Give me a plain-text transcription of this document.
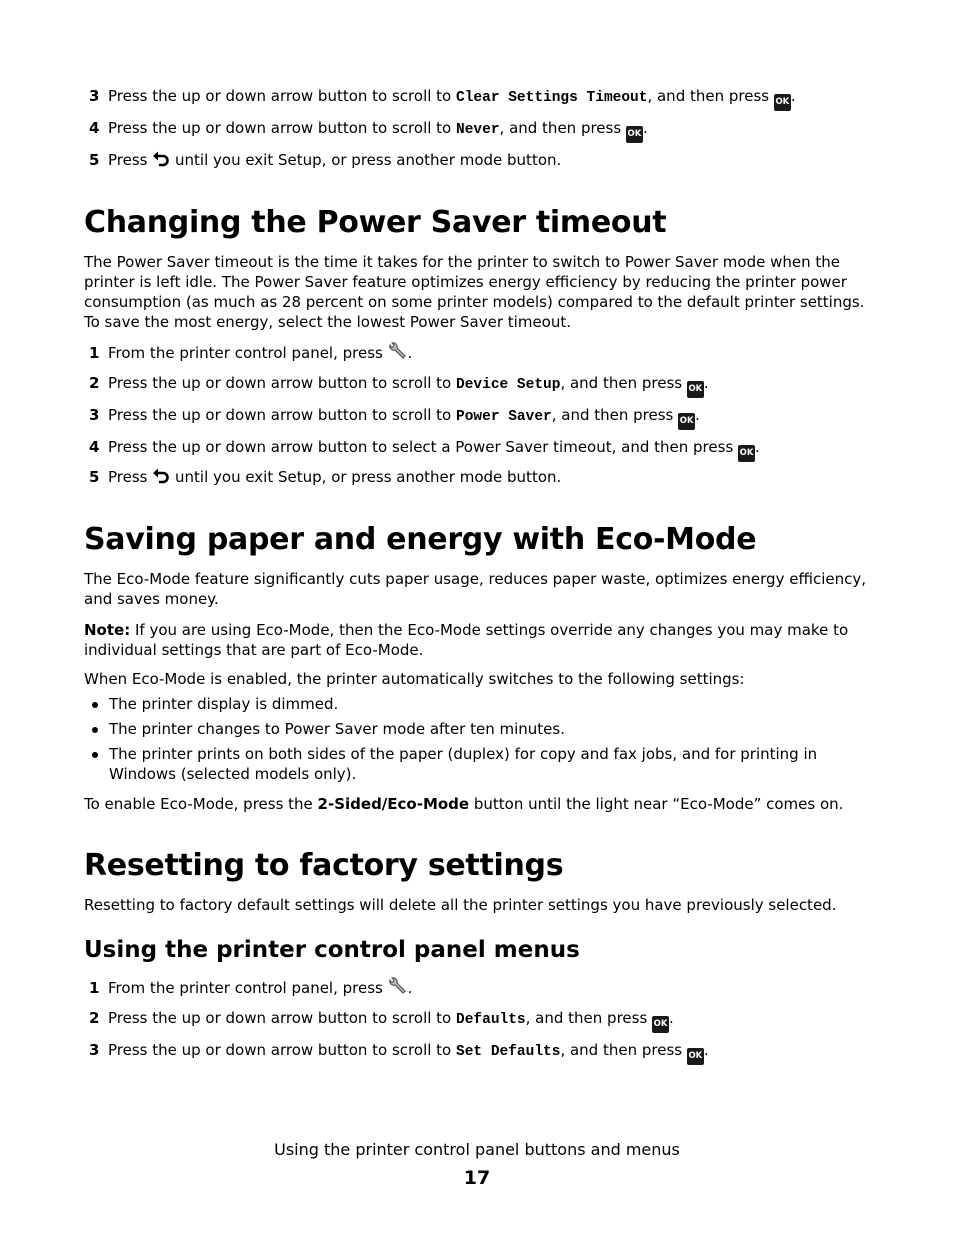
3 Press the up or down arrow button to scroll to Clear Settings Timeout, and then press OK .
4 Press the up or down arrow button to scroll to Never, and then press OK .
5 Press  until you exit Setup, or press another mode button.
Changing the Power Saver timeout

The Power Saver timeout is the time it takes for the printer to switch to Power Saver mode when the printer is left idle. The Power Saver feature optimizes energy efficiency by reducing the printer power consumption (as much as 28 percent on some printer models) compared to the default printer settings. To save the most energy, select the lowest Power Saver timeout.

1 From the printer control panel, press .
2 Press the up or down arrow button to scroll to Device Setup, and then press OK .
3 Press the up or down arrow button to scroll to Power Saver, and then press OK .
4 Press the up or down arrow button to select a Power Saver timeout, and then press OK .
5 Press  until you exit Setup, or press another mode button.
Saving paper and energy with Eco-Mode

The Eco-Mode feature significantly cuts paper usage, reduces paper waste, optimizes energy efficiency, and saves money.

Note: If you are using Eco-Mode, then the Eco-Mode settings override any changes you may make to individual settings that are part of Eco-Mode.

When Eco-Mode is enabled, the printer automatically switches to the following settings:

The printer display is dimmed.
The printer changes to Power Saver mode after ten minutes.
The printer prints on both sides of the paper (duplex) for copy and fax jobs, and for printing in Windows (selected models only).

To enable Eco-Mode, press the 2-Sided/Eco-Mode button until the light near “Eco-Mode” comes on.

Resetting to factory settings

Resetting to factory default settings will delete all the printer settings you have previously selected.

Using the printer control panel menus
1 From the printer control panel, press .
2 Press the up or down arrow button to scroll to Defaults, and then press OK .
3 Press the up or down arrow button to scroll to Set Defaults, and then press OK .
Using the printer control panel buttons and menus
17
